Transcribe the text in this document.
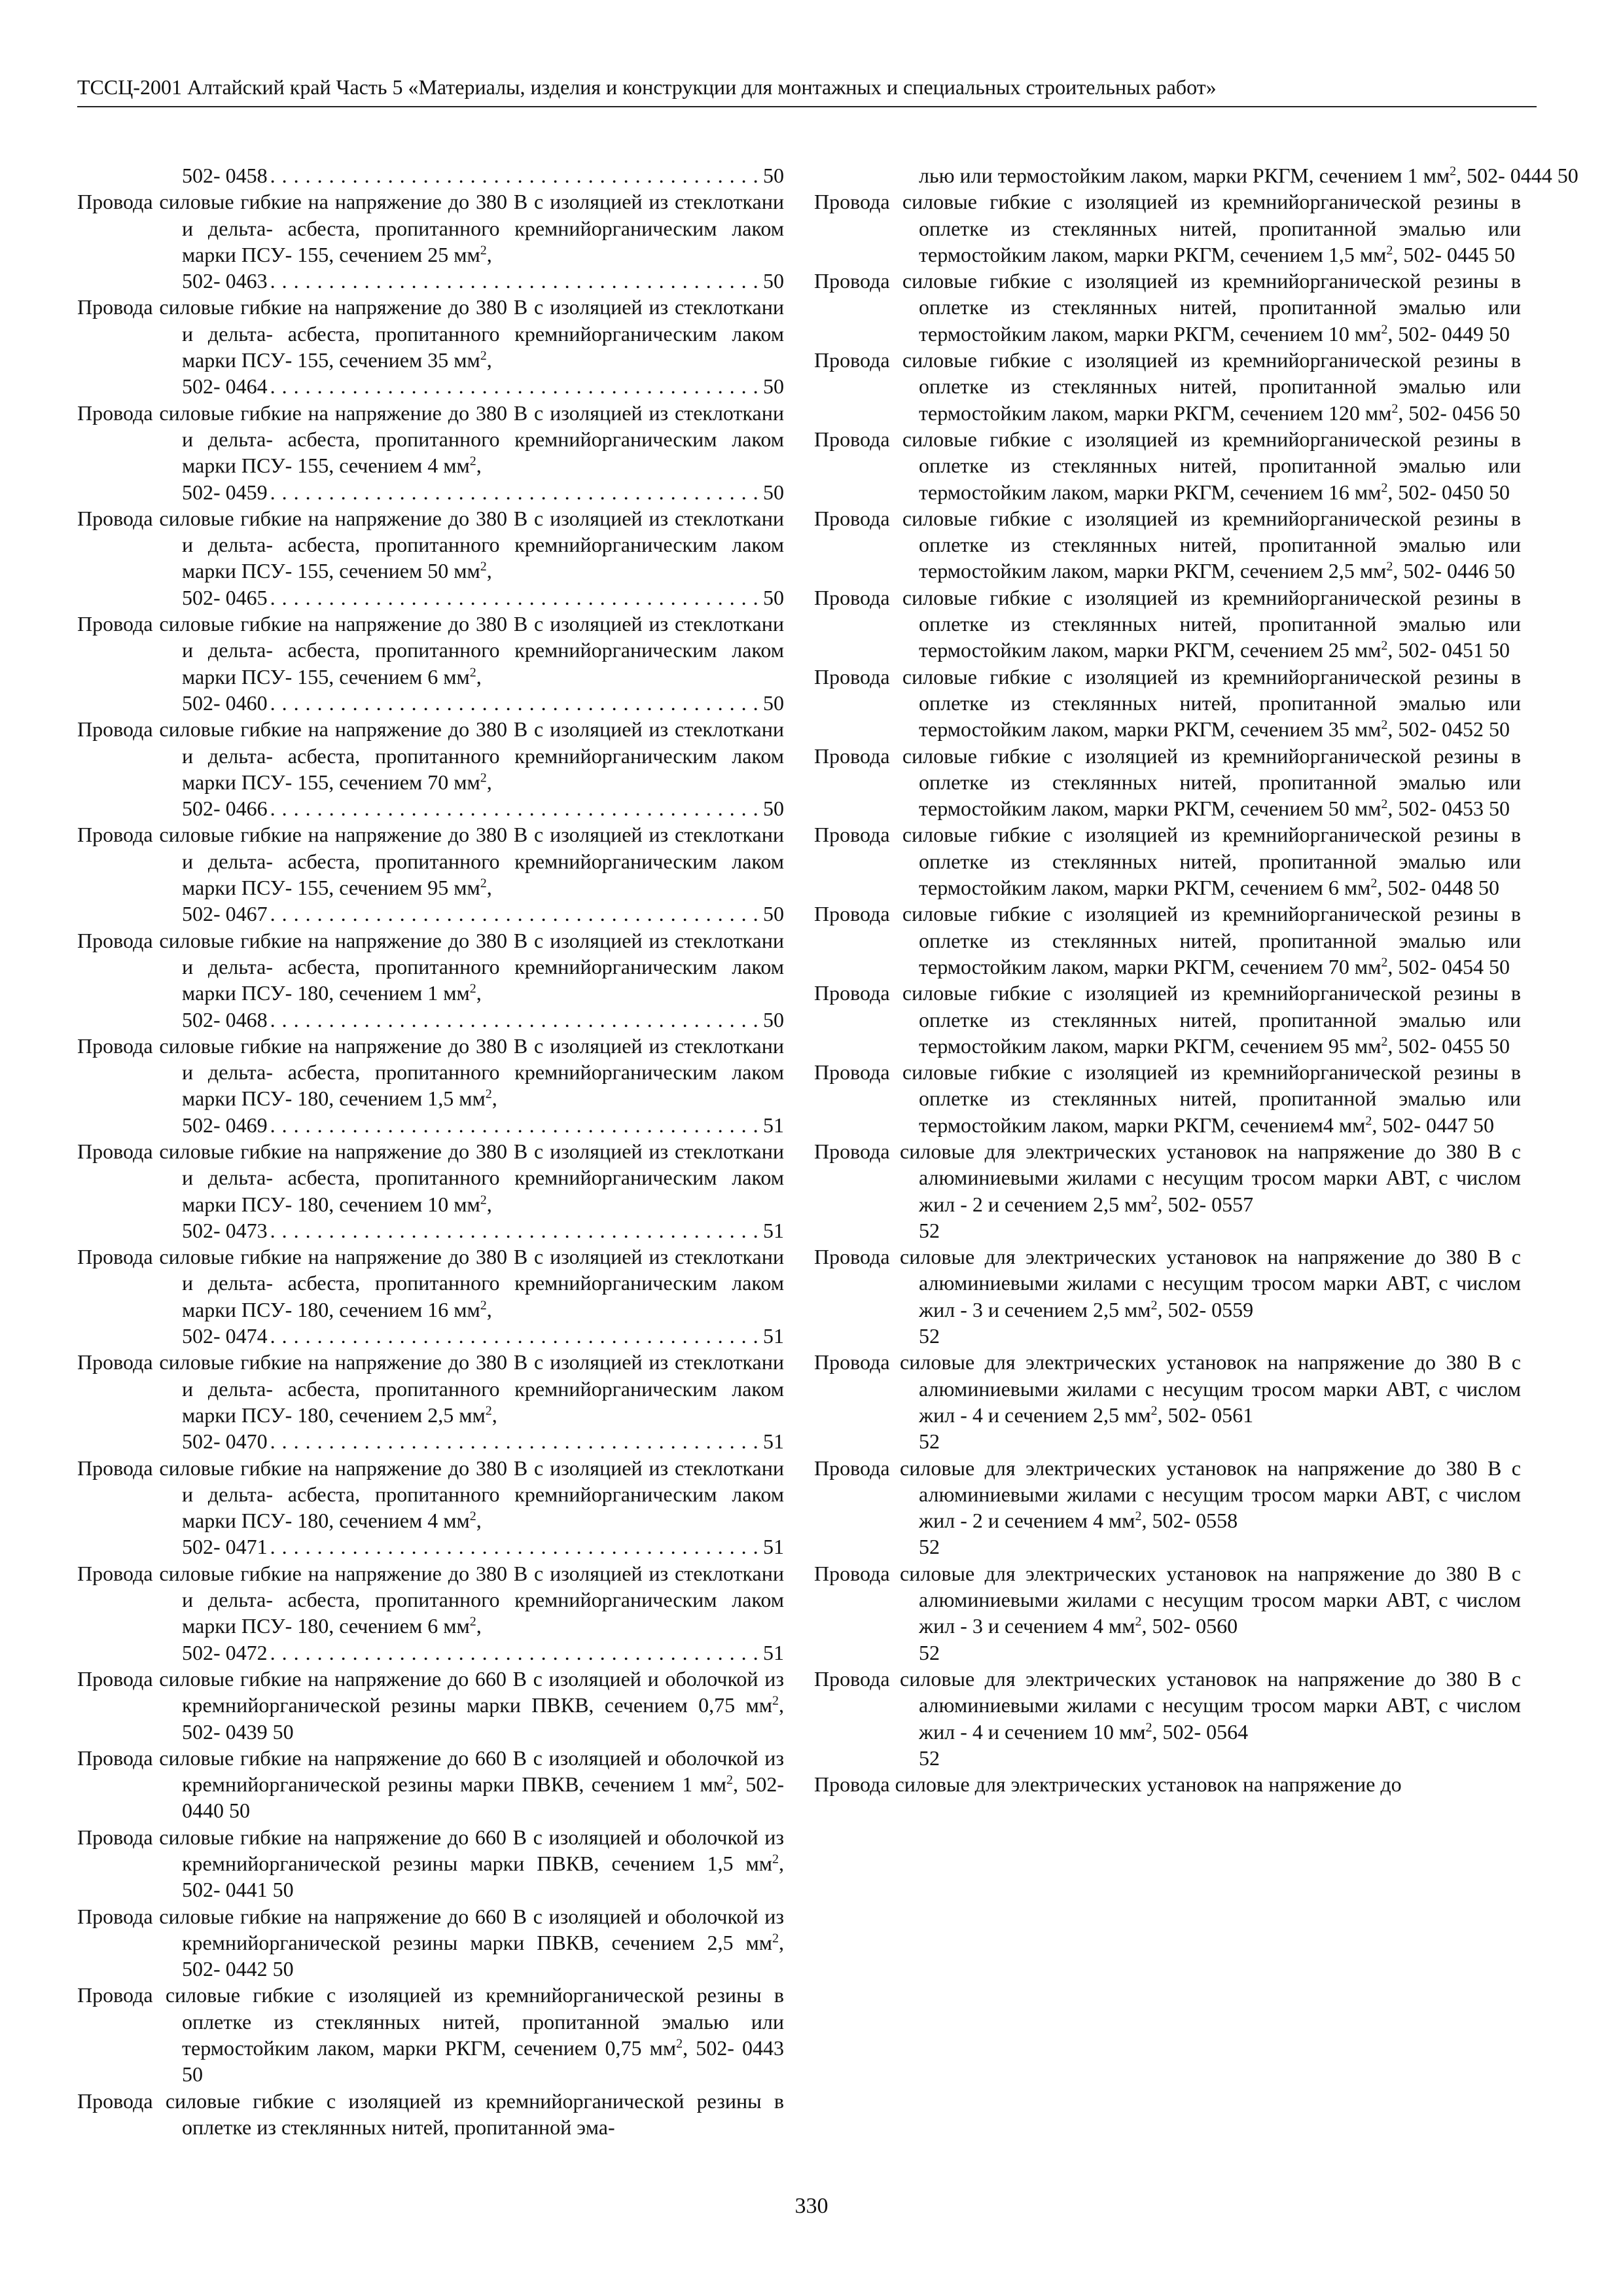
ТССЦ-2001 Алтайский край Часть 5 «Материалы, изделия и конструкции для монтажных и специальных строительных работ»
502- 0458 . . .	50
Провода силовые гибкие на напряжение до 380 В с изоляцией из стеклоткани и дельта- асбеста, пропитанного кремнийорганическим лаком марки ПСУ- 155, сечением 25 $мм^2$,
502- 0463 . . .	50
Провода силовые гибкие на напряжение до 380 В с изоляцией из стеклоткани и дельта- асбеста, пропитанного кремнийорганическим лаком марки ПСУ- 155, сечением 35 $мм^2$,
502- 0464 . . .	50
Провода силовые гибкие на напряжение до 380 В с изоляцией из стеклоткани и дельта- асбеста, пропитанного кремнийорганическим лаком марки ПСУ- 155, сечением 4 $мм^2$,
502- 0459 . . .	50
Провода силовые гибкие на напряжение до 380 В с изоляцией из стеклоткани и дельта- асбеста, пропитанного кремнийорганическим лаком марки ПСУ- 155, сечением 50 $мм^2$,
502- 0465 . . .	50
Провода силовые гибкие на напряжение до 380 В с изоляцией из стеклоткани и дельта- асбеста, пропитанного кремнийорганическим лаком марки ПСУ- 155, сечением 6 $мм^2$,
502- 0460 . . .	50
Провода силовые гибкие на напряжение до 380 В с изоляцией из стеклоткани и дельта- асбеста, пропитанного кремнийорганическим лаком марки ПСУ- 155, сечением 70 $мм^2$,
502- 0466 . . .	50
Провода силовые гибкие на напряжение до 380 В с изоляцией из стеклоткани и дельта- асбеста, пропитанного кремнийорганическим лаком марки ПСУ- 155, сечением 95 $мм^2$,
502- 0467 . . .	50
Провода силовые гибкие на напряжение до 380 В с изоляцией из стеклоткани и дельта- асбеста, пропитанного кремнийорганическим лаком марки ПСУ- 180, сечением 1 $мм^2$,
502- 0468 . . .	50
Провода силовые гибкие на напряжение до 380 В с изоляцией из стеклоткани и дельта- асбеста, пропитанного кремнийорганическим лаком марки ПСУ- 180, сечением 1,5 $мм^2$,
502- 0469 . . .	51
Провода силовые гибкие на напряжение до 380 В с изоляцией из стеклоткани и дельта- асбеста, пропитанного кремнийорганическим лаком марки ПСУ- 180, сечением 10 $мм^2$,
502- 0473 . . .	51
Провода силовые гибкие на напряжение до 380 В с изоляцией из стеклоткани и дельта- асбеста, пропитанного кремнийорганическим лаком марки ПСУ- 180, сечением 16 $мм^2$,
502- 0474 . . .	51
Провода силовые гибкие на напряжение до 380 В с изоляцией из стеклоткани и дельта- асбеста, пропитанного кремнийорганическим лаком марки ПСУ- 180, сечением 2,5 $мм^2$,
502- 0470 . . .	51
Провода силовые гибкие на напряжение до 380 В с изоляцией из стеклоткани и дельта- асбеста, пропитанного кремнийорганическим лаком марки ПСУ- 180, сечением 4 $мм^2$,
502- 0471 . . .	51
Провода силовые гибкие на напряжение до 380 В с изоляцией из стеклоткани и дельта- асбеста, пропитанного кремнийорганическим лаком марки ПСУ- 180, сечением 6 $мм^2$,
502- 0472 . . .	51
Провода силовые гибкие на напряжение до 660 В с изоляцией и оболочкой из кремнийорганической резины марки ПВКВ, сечением 0,75 $мм^2$, 502- 0439 50
Провода силовые гибкие на напряжение до 660 В с изоляцией и оболочкой из кремнийорганической резины марки ПВКВ, сечением 1 $мм^2$, 502- 0440 50
Провода силовые гибкие на напряжение до 660 В с изоляцией и оболочкой из кремнийорганической резины марки ПВКВ, сечением 1,5 $мм^2$, 502- 0441 50
Провода силовые гибкие на напряжение до 660 В с изоляцией и оболочкой из кремнийорганической резины марки ПВКВ, сечением 2,5 $мм^2$, 502- 0442 50
Провода силовые гибкие с изоляцией из кремнийорганической резины в оплетке из стеклянных нитей, пропитанной эмалью или термостойким лаком, марки РКГМ, сечением 0,75 $мм^2$, 502- 0443 50
Провода силовые гибкие с изоляцией из кремнийорганической резины в оплетке из стеклянных нитей, пропитанной эма-
лью или термостойким лаком, марки РКГМ, сечением 1 $мм^2$, 502- 0444 50
Провода силовые гибкие с изоляцией из кремнийорганической резины в оплетке из стеклянных нитей, пропитанной эмалью или термостойким лаком, марки РКГМ, сечением 1,5 $мм^2$, 502- 0445 50
Провода силовые гибкие с изоляцией из кремнийорганической резины в оплетке из стеклянных нитей, пропитанной эмалью или термостойким лаком, марки РКГМ, сечением 10 $мм^2$, 502- 0449 50
Провода силовые гибкие с изоляцией из кремнийорганической резины в оплетке из стеклянных нитей, пропитанной эмалью или термостойким лаком, марки РКГМ, сечением 120 $мм^2$, 502- 0456 50
Провода силовые гибкие с изоляцией из кремнийорганической резины в оплетке из стеклянных нитей, пропитанной эмалью или термостойким лаком, марки РКГМ, сечением 16 $мм^2$, 502- 0450 50
Провода силовые гибкие с изоляцией из кремнийорганической резины в оплетке из стеклянных нитей, пропитанной эмалью или термостойким лаком, марки РКГМ, сечением 2,5 $мм^2$, 502- 0446 50
Провода силовые гибкие с изоляцией из кремнийорганической резины в оплетке из стеклянных нитей, пропитанной эмалью или термостойким лаком, марки РКГМ, сечением 25 $мм^2$, 502- 0451 50
Провода силовые гибкие с изоляцией из кремнийорганической резины в оплетке из стеклянных нитей, пропитанной эмалью или термостойким лаком, марки РКГМ, сечением 35 $мм^2$, 502- 0452 50
Провода силовые гибкие с изоляцией из кремнийорганической резины в оплетке из стеклянных нитей, пропитанной эмалью или термостойким лаком, марки РКГМ, сечением 50 $мм^2$, 502- 0453 50
Провода силовые гибкие с изоляцией из кремнийорганической резины в оплетке из стеклянных нитей, пропитанной эмалью или термостойким лаком, марки РКГМ, сечением 6 $мм^2$, 502- 0448 50
Провода силовые гибкие с изоляцией из кремнийорганической резины в оплетке из стеклянных нитей, пропитанной эмалью или термостойким лаком, марки РКГМ, сечением 70 $мм^2$, 502- 0454 50
Провода силовые гибкие с изоляцией из кремнийорганической резины в оплетке из стеклянных нитей, пропитанной эмалью или термостойким лаком, марки РКГМ, сечением 95 $мм^2$, 502- 0455 50
Провода силовые гибкие с изоляцией из кремнийорганической резины в оплетке из стеклянных нитей, пропитанной эмалью или термостойким лаком, марки РКГМ, сечением4 $мм^2$, 502- 0447 50
Провода силовые для электрических установок на напряжение до 380 В с алюминиевыми жилами с несущим тросом марки АВТ, с числом жил - 2 и сечением 2,5 $мм^2$, 502- 0557
52
Провода силовые для электрических установок на напряжение до 380 В с алюминиевыми жилами с несущим тросом марки АВТ, с числом жил - 3 и сечением 2,5 $мм^2$, 502- 0559
52
Провода силовые для электрических установок на напряжение до 380 В с алюминиевыми жилами с несущим тросом марки АВТ, с числом жил - 4 и сечением 2,5 $мм^2$, 502- 0561
52
Провода силовые для электрических установок на напряжение до 380 В с алюминиевыми жилами с несущим тросом марки АВТ, с числом жил - 2 и сечением 4 $мм^2$, 502- 0558
52
Провода силовые для электрических установок на напряжение до 380 В с алюминиевыми жилами с несущим тросом марки АВТ, с числом жил - 3 и сечением 4 $мм^2$, 502- 0560
52
Провода силовые для электрических установок на напряжение до 380 В с алюминиевыми жилами с несущим тросом марки АВТ, с числом жил - 4 и сечением 10 $мм^2$, 502- 0564
52
Провода силовые для электрических установок на напряжение до
330
